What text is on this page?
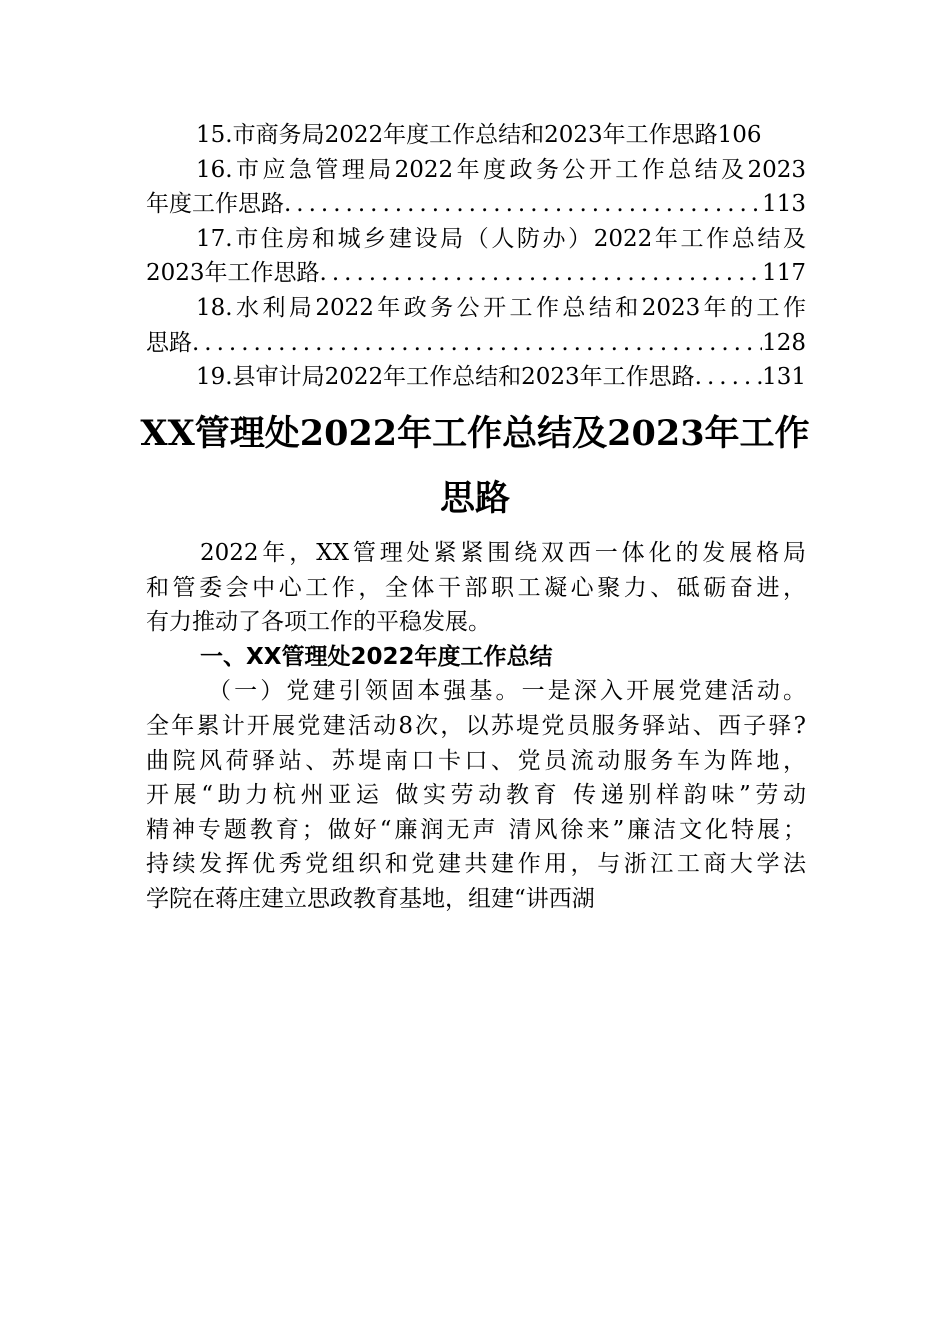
15.市商务局2022年度工作总结和2023年工作思路 106
16.市应急管理局2022年度政务公开工作总结及2023
年度工作思路 .....	113
17.市住房和城乡建设局（人防办）2022年工作总结及
2023年工作思路 .....	117
18.水利局2022年政务公开工作总结和2023年的工作
思路 .....	128
19.县审计局2022年工作总结和2023年工作思路 .....	131
XX管理处2022年工作总结及2023年工作
思路
2022年，XX管理处紧紧围绕双西一体化的发展格局
和管委会中心工作，全体干部职工凝心聚力、砥砺奋进，
有力推动了各项工作的平稳发展。
一、XX管理处2022年度工作总结
（一）党建引领固本强基。一是深入开展党建活动。
全年累计开展党建活动8次，以苏堤党员服务驿站、西子驿?
曲院风荷驿站、苏堤南口卡口、党员流动服务车为阵地，
开展“助力杭州亚运 做实劳动教育 传递别样韵味”劳动
精神专题教育；做好“廉润无声 清风徐来”廉洁文化特展；
持续发挥优秀党组织和党建共建作用，与浙江工商大学法
学院在蒋庄建立思政教育基地，组建“讲西湖
